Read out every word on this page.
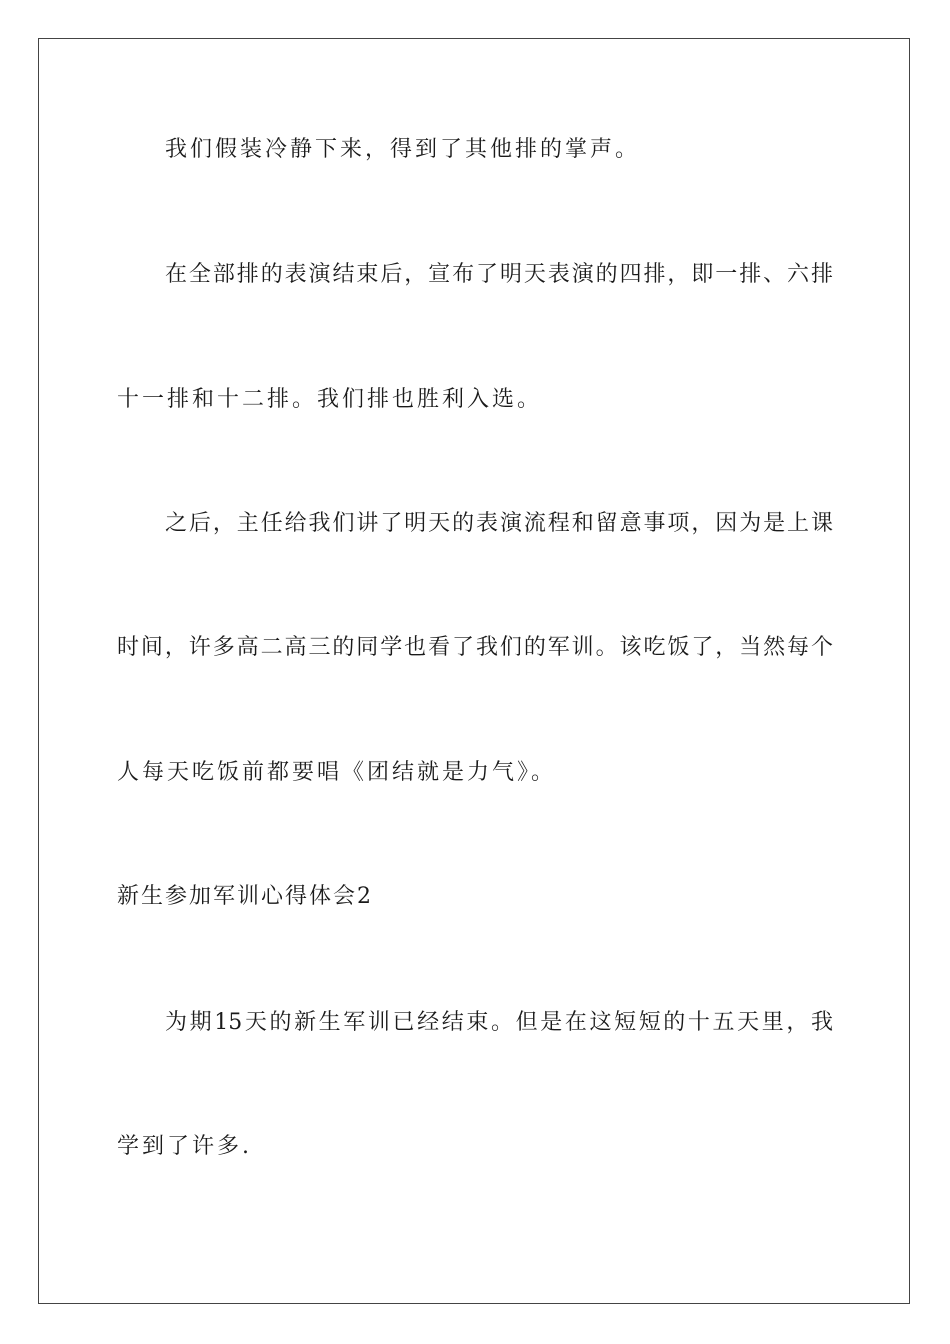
我们假装冷静下来，得到了其他排的掌声。
在全部排的表演结束后，宣布了明天表演的四排，即一排、六排
十一排和十二排。我们排也胜利入选。
之后，主任给我们讲了明天的表演流程和留意事项，因为是上课
时间，许多高二高三的同学也看了我们的军训。该吃饭了，当然每个
人每天吃饭前都要唱《团结就是力气》。
新生参加军训心得体会2
为期15天的新生军训已经结束。但是在这短短的十五天里，我
学到了许多.
